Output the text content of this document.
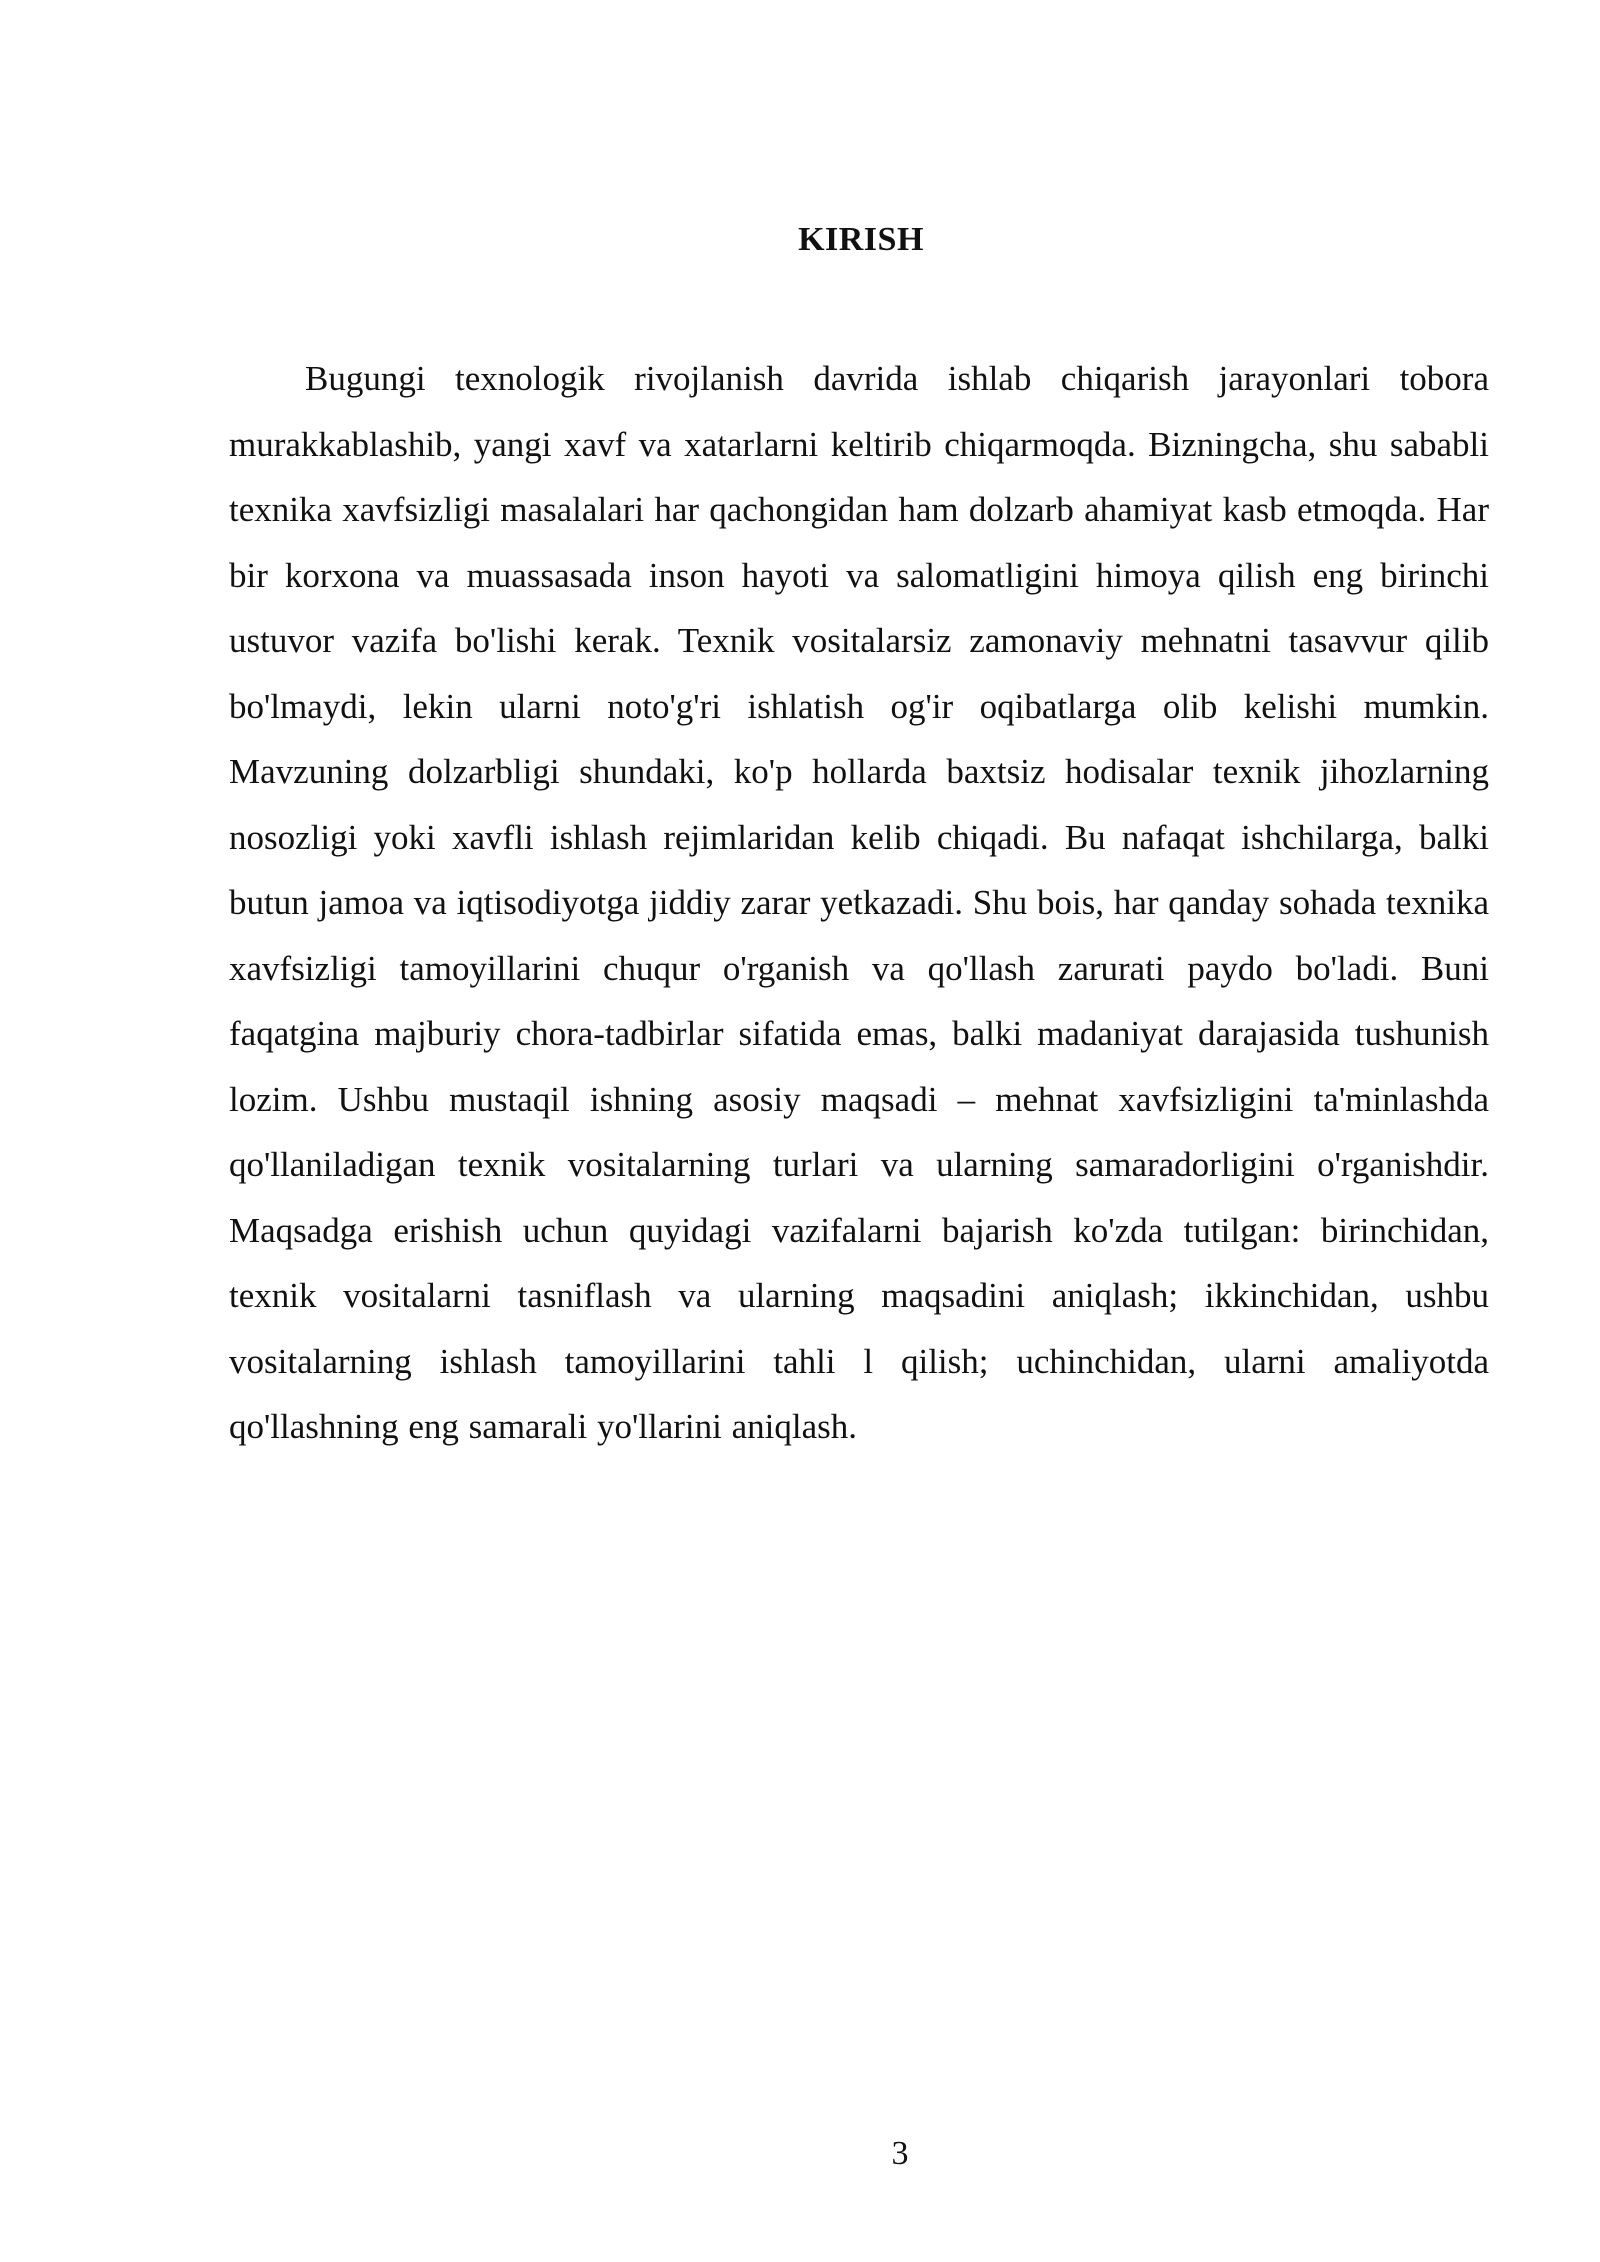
KIRISH

Bugungi texnologik rivojlanish davrida ishlab chiqarish jarayonlari tobora murakkablashib, yangi xavf va xatarlarni keltirib chiqarmoqda. Bizningcha, shu sababli texnika xavfsizligi masalalari har qachongidan ham dolzarb ahamiyat kasb etmoqda. Har bir korxona va muassasada inson hayoti va salomatligini himoya qilish eng birinchi ustuvor vazifa bo'lishi kerak. Texnik vositalarsiz zamonaviy mehnatni tasavvur qilib bo'lmaydi, lekin ularni noto'g'ri ishlatish og'ir oqibatlarga olib kelishi mumkin. Mavzuning dolzarbligi shundaki, ko'p hollarda baxtsiz hodisalar texnik jihozlarning nosozligi yoki xavfli ishlash rejimlaridan kelib chiqadi. Bu nafaqat ishchilarga, balki butun jamoa va iqtisodiyotga jiddiy zarar yetkazadi. Shu bois, har qanday sohada texnika xavfsizligi tamoyillarini chuqur o'rganish va qo'llash zarurati paydo bo'ladi. Buni faqatgina majburiy chora-tadbirlar sifatida emas, balki madaniyat darajasida tushunish lozim. Ushbu mustaqil ishning asosiy maqsadi – mehnat xavfsizligini ta'minlashda qo'llaniladigan texnik vositalarning turlari va ularning samaradorligini o'rganishdir. Maqsadga erishish uchun quyidagi vazifalarni bajarish ko'zda tutilgan: birinchidan, texnik vositalarni tasniflash va ularning maqsadini aniqlash; ikkinchidan, ushbu vositalarning ishlash tamoyillarini tahli l qilish; uchinchidan, ularni amaliyotda qo'llashning eng samarali yo'llarini aniqlash.

3
